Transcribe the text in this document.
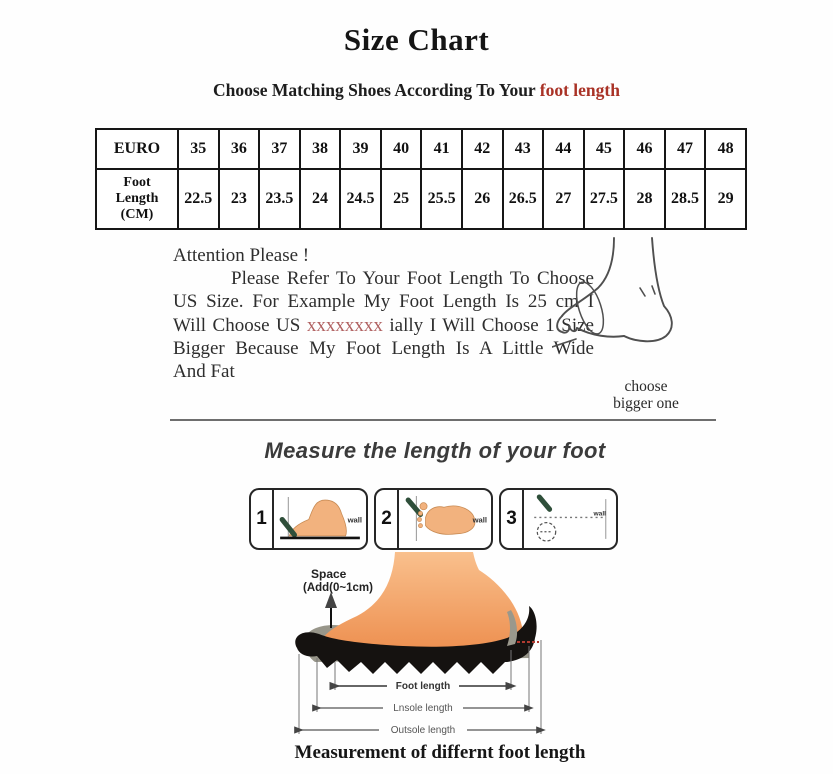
Size Chart
Choose Matching Shoes According To Your foot length
EURO	35	36	37	38	39	40	41	42	43	44	45	46	47	48

Foot
Length
(CM)	22.5	23	23.5	24	24.5	25	25.5	26	26.5	27	27.5	28	28.5	29
Attention Please !
Please Refer To Your Foot Length To Choose
US Size. For Example My Foot Length Is 25 cm I
Will Choose US xxxxxxxx ially I Will Choose 1 Size
Bigger Because My Foot Length Is A Little Wide
And Fat
choose
bigger one
Measure the length of your foot
1	wall 2	wall 3	wall
Space
(Add(0~1cm)
Foot length
Lnsole length
Outsole length
Measurement of differnt foot length
